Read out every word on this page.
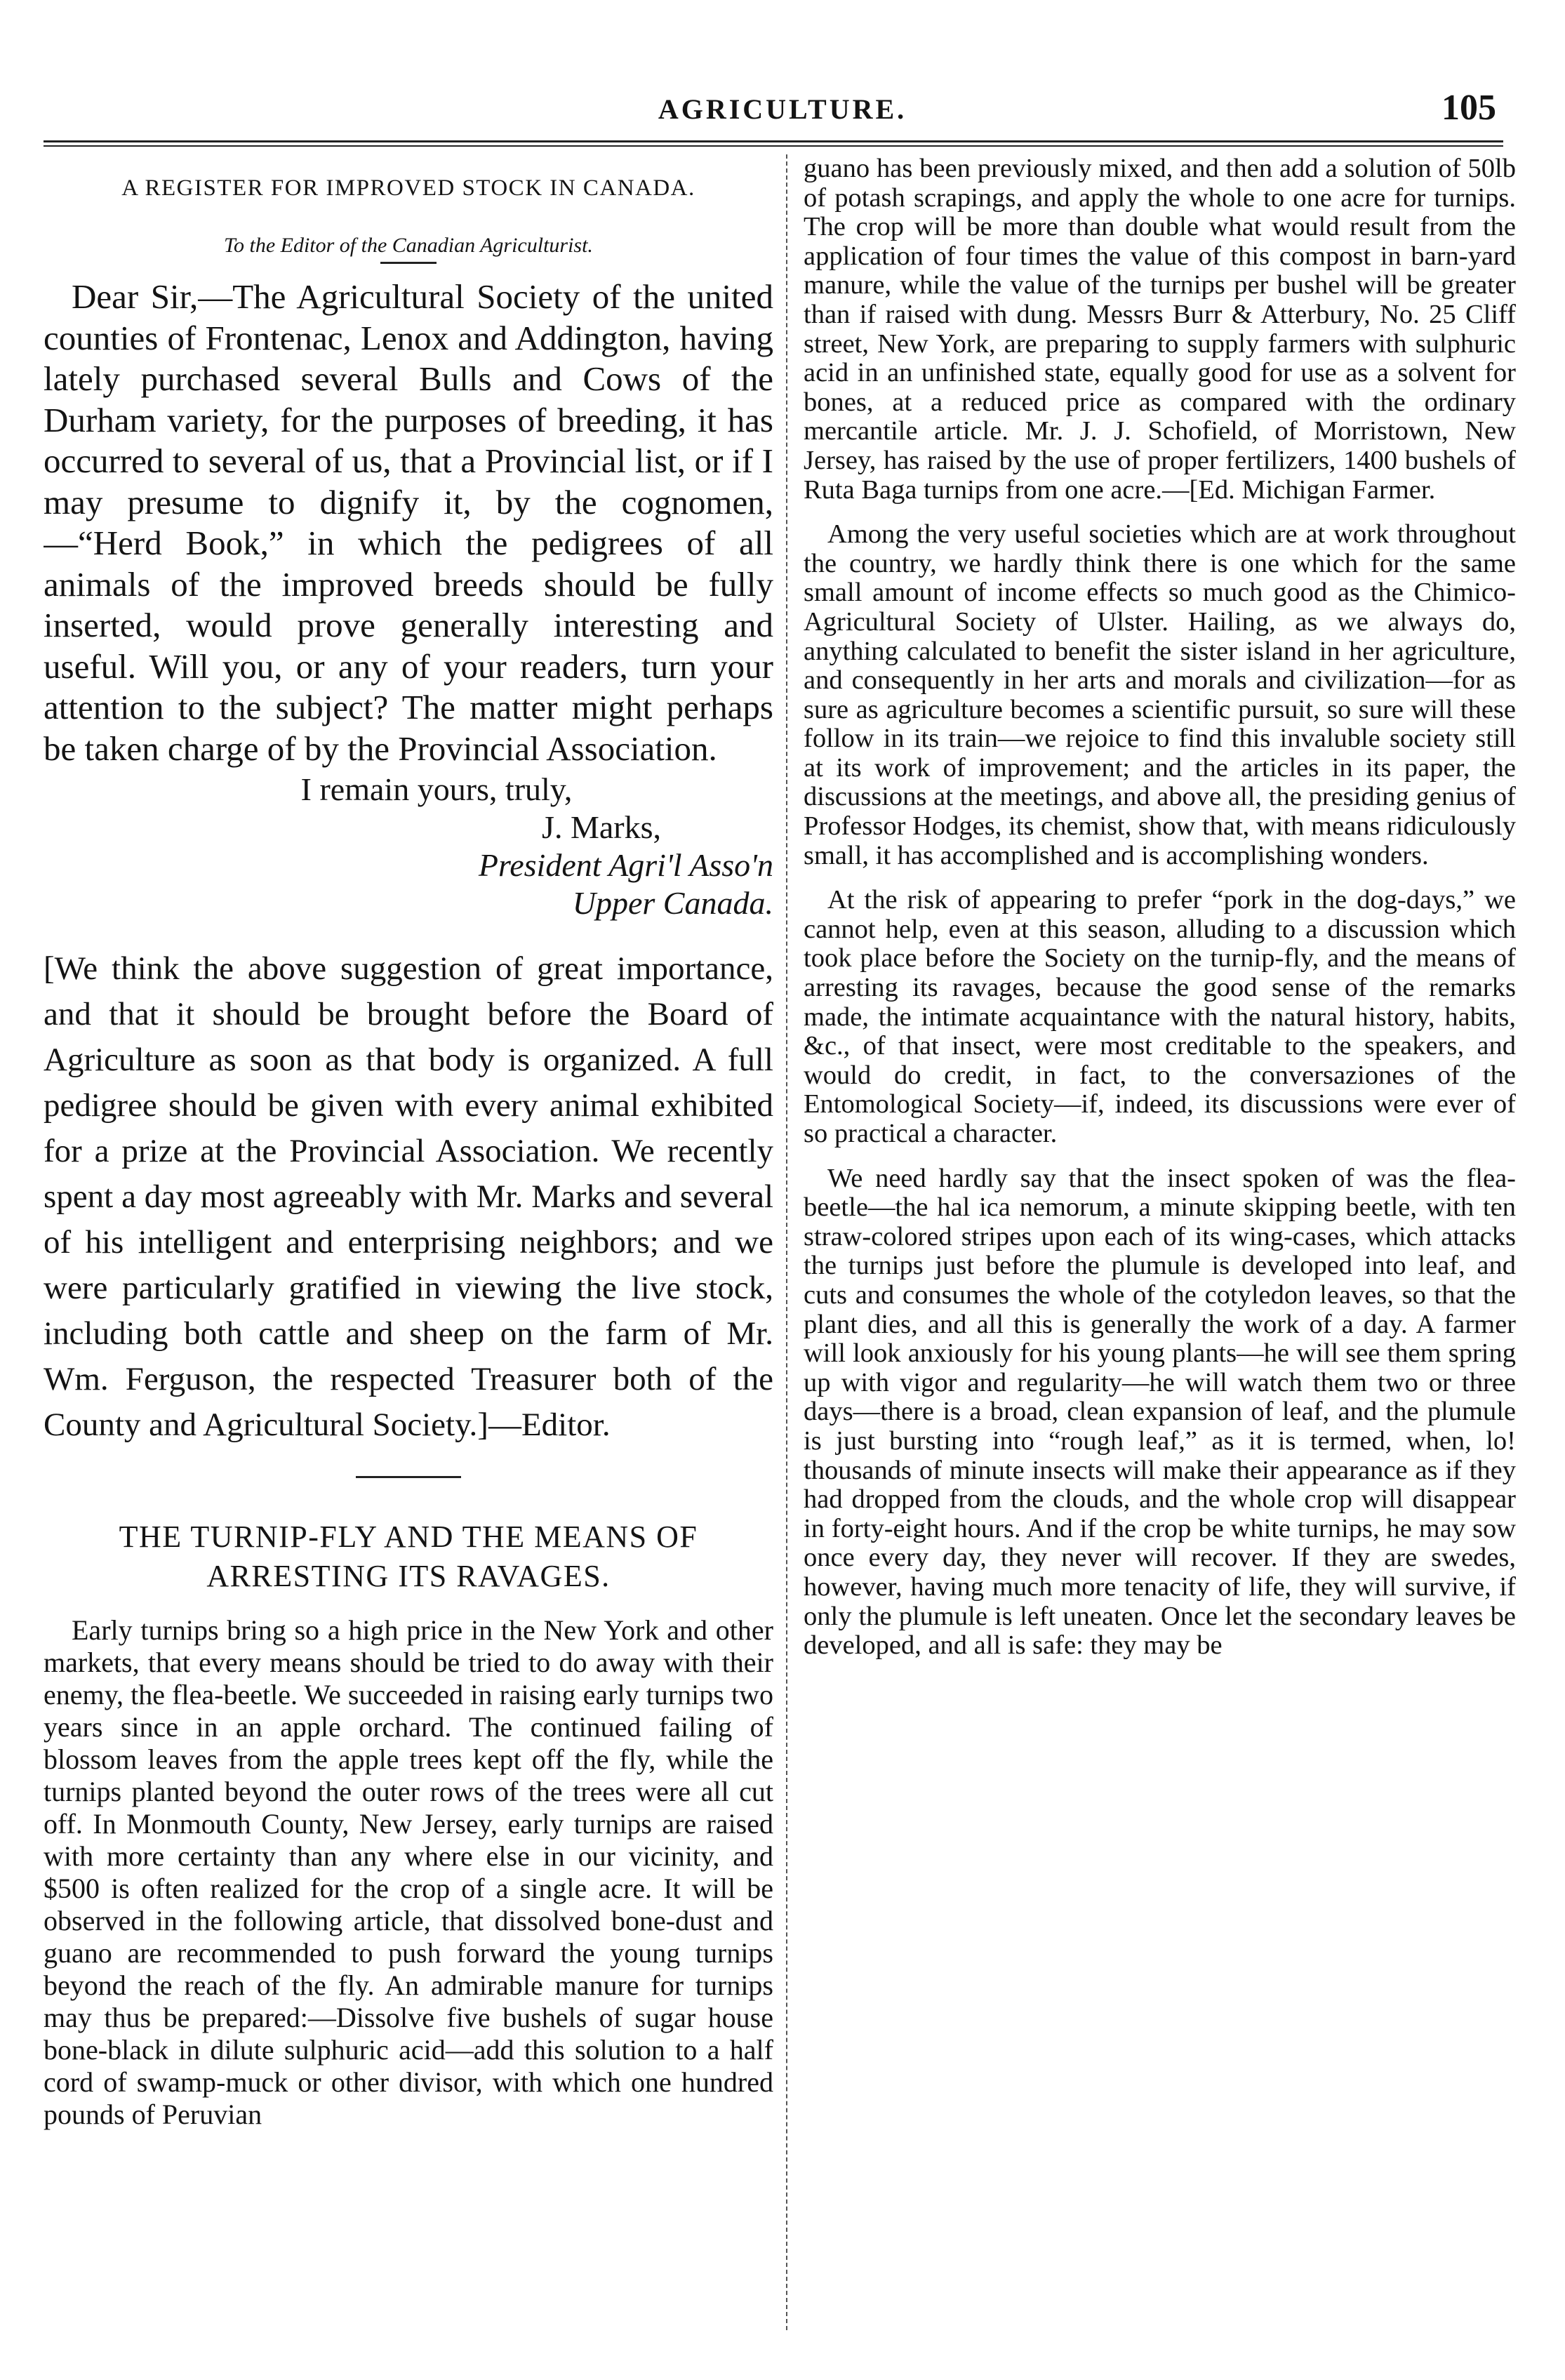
AGRICULTURE.	105
A REGISTER FOR IMPROVED STOCK IN CANADA.
To the Editor of the Canadian Agriculturist.

Dear Sir,—The Agricultural Society of the united counties of Frontenac, Lenox and Addington, having lately purchased several Bulls and Cows of the Durham variety, for the purposes of breeding, it has occurred to several of us, that a Provincial list, or if I may presume to dignify it, by the cognomen,—“Herd Book,” in which the pedigrees of all animals of the improved breeds should be fully inserted, would prove generally interesting and useful. Will you, or any of your readers, turn your attention to the subject? The matter might perhaps be taken charge of by the Provincial Association.

I remain yours, truly,
J. Marks,
President Agri'l Asso'n
Upper Canada.

[We think the above suggestion of great importance, and that it should be brought before the Board of Agriculture as soon as that body is organized. A full pedigree should be given with every animal exhibited for a prize at the Provincial Association. We recently spent a day most agreeably with Mr. Marks and several of his intelligent and enterprising neighbors; and we were particularly gratified in viewing the live stock, including both cattle and sheep on the farm of Mr. Wm. Ferguson, the respected Treasurer both of the County and Agricultural Society.]—Editor.

THE TURNIP-FLY AND THE MEANS OF ARRESTING ITS RAVAGES.

Early turnips bring so a high price in the New York and other markets, that every means should be tried to do away with their enemy, the flea-beetle. We succeeded in raising early turnips two years since in an apple orchard. The continued failing of blossom leaves from the apple trees kept off the fly, while the turnips planted beyond the outer rows of the trees were all cut off. In Monmouth County, New Jersey, early turnips are raised with more certainty than any where else in our vicinity, and $500 is often realized for the crop of a single acre. It will be observed in the following article, that dissolved bone-dust and guano are recommended to push forward the young turnips beyond the reach of the fly. An admirable manure for turnips may thus be prepared:—Dissolve five bushels of sugar house bone-black in dilute sulphuric acid—add this solution to a half cord of swamp-muck or other divisor, with which one hundred pounds of Peruvian

guano has been previously mixed, and then add a solution of 50lb of potash scrapings, and apply the whole to one acre for turnips. The crop will be more than double what would result from the application of four times the value of this compost in barn-yard manure, while the value of the turnips per bushel will be greater than if raised with dung. Messrs Burr & Atterbury, No. 25 Cliff street, New York, are preparing to supply farmers with sulphuric acid in an unfinished state, equally good for use as a solvent for bones, at a reduced price as compared with the ordinary mercantile article. Mr. J. J. Schofield, of Morristown, New Jersey, has raised by the use of proper fertilizers, 1400 bushels of Ruta Baga turnips from one acre.—[Ed. Michigan Farmer.

Among the very useful societies which are at work throughout the country, we hardly think there is one which for the same small amount of income effects so much good as the Chimico-Agricultural Society of Ulster. Hailing, as we always do, anything calculated to benefit the sister island in her agriculture, and consequently in her arts and morals and civilization—for as sure as agriculture becomes a scientific pursuit, so sure will these follow in its train—we rejoice to find this invaluble society still at its work of improvement; and the articles in its paper, the discussions at the meetings, and above all, the presiding genius of Professor Hodges, its chemist, show that, with means ridiculously small, it has accomplished and is accomplishing wonders.

At the risk of appearing to prefer “pork in the dog-days,” we cannot help, even at this season, alluding to a discussion which took place before the Society on the turnip-fly, and the means of arresting its ravages, because the good sense of the remarks made, the intimate acquaintance with the natural history, habits, &c., of that insect, were most creditable to the speakers, and would do credit, in fact, to the conversaziones of the Entomological Society—if, indeed, its discussions were ever of so practical a character.

We need hardly say that the insect spoken of was the flea-beetle—the hal ica nemorum, a minute skipping beetle, with ten straw-colored stripes upon each of its wing-cases, which attacks the turnips just before the plumule is developed into leaf, and cuts and consumes the whole of the cotyledon leaves, so that the plant dies, and all this is generally the work of a day. A farmer will look anxiously for his young plants—he will see them spring up with vigor and regularity—he will watch them two or three days—there is a broad, clean expansion of leaf, and the plumule is just bursting into “rough leaf,” as it is termed, when, lo! thousands of minute insects will make their appearance as if they had dropped from the clouds, and the whole crop will disappear in forty-eight hours. And if the crop be white turnips, he may sow once every day, they never will recover. If they are swedes, however, having much more tenacity of life, they will survive, if only the plumule is left uneaten. Once let the secondary leaves be developed, and all is safe: they may be
